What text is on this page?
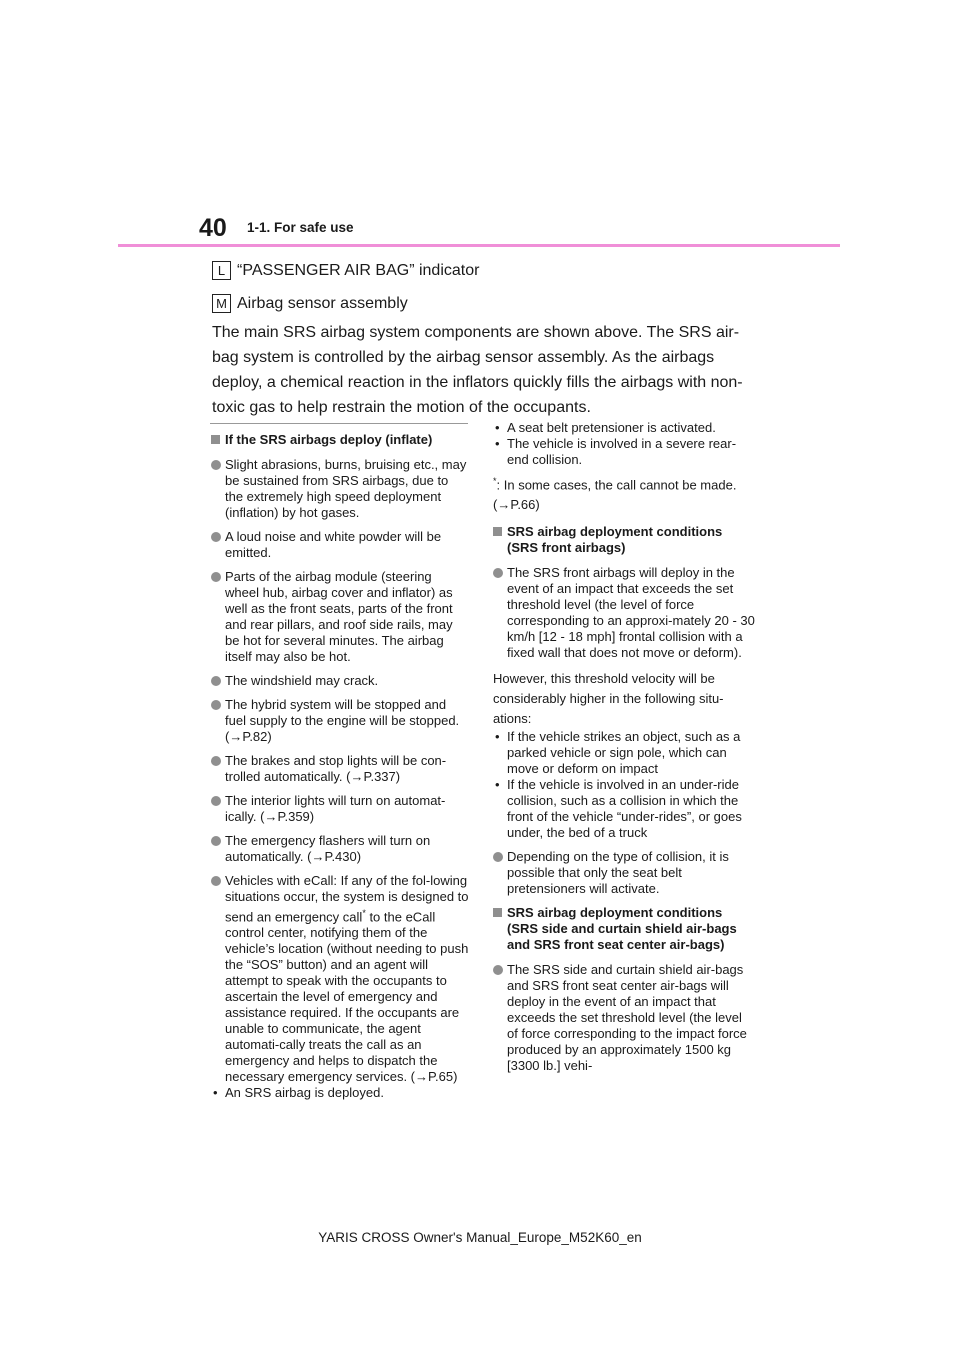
40 1-1. For safe use
L “PASSENGER AIR BAG” indicator
M Airbag sensor assembly
The main SRS airbag system components are shown above. The SRS air-bag system is controlled by the airbag sensor assembly. As the airbags deploy, a chemical reaction in the inflators quickly fills the airbags with non-toxic gas to help restrain the motion of the occupants.
If the SRS airbags deploy (inflate)
Slight abrasions, burns, bruising etc., may be sustained from SRS airbags, due to the extremely high speed deployment (inflation) by hot gases.
A loud noise and white powder will be emitted.
Parts of the airbag module (steering wheel hub, airbag cover and inflator) as well as the front seats, parts of the front and rear pillars, and roof side rails, may be hot for several minutes. The airbag itself may also be hot.
The windshield may crack.
The hybrid system will be stopped and fuel supply to the engine will be stopped. (→P.82)
The brakes and stop lights will be con-trolled automatically. (→P.337)
The interior lights will turn on automat-ically. (→P.359)
The emergency flashers will turn on automatically. (→P.430)
Vehicles with eCall: If any of the fol-lowing situations occur, the system is designed to send an emergency call* to the eCall control center, notifying them of the vehicle’s location (without needing to push the “SOS” button) and an agent will attempt to speak with the occupants to ascertain the level of emergency and assistance required. If the occupants are unable to communicate, the agent automati-cally treats the call as an emergency and helps to dispatch the necessary emergency services. (→P.65)
• An SRS airbag is deployed.
• A seat belt pretensioner is activated.
• The vehicle is involved in a severe rear-end collision.
*: In some cases, the call cannot be made. (→P.66)
SRS airbag deployment conditions (SRS front airbags)
The SRS front airbags will deploy in the event of an impact that exceeds the set threshold level (the level of force corresponding to an approxi-mately 20 - 30 km/h [12 - 18 mph] frontal collision with a fixed wall that does not move or deform).
However, this threshold velocity will be considerably higher in the following situ-ations:
• If the vehicle strikes an object, such as a parked vehicle or sign pole, which can move or deform on impact
• If the vehicle is involved in an under-ride collision, such as a collision in which the front of the vehicle “under-rides”, or goes under, the bed of a truck
Depending on the type of collision, it is possible that only the seat belt pretensioners will activate.
SRS airbag deployment conditions (SRS side and curtain shield air-bags and SRS front seat center air-bags)
The SRS side and curtain shield air-bags and SRS front seat center air-bags will deploy in the event of an impact that exceeds the set threshold level (the level of force corresponding to the impact force produced by an approximately 1500 kg [3300 lb.] vehi-
YARIS CROSS Owner's Manual_Europe_M52K60_en
